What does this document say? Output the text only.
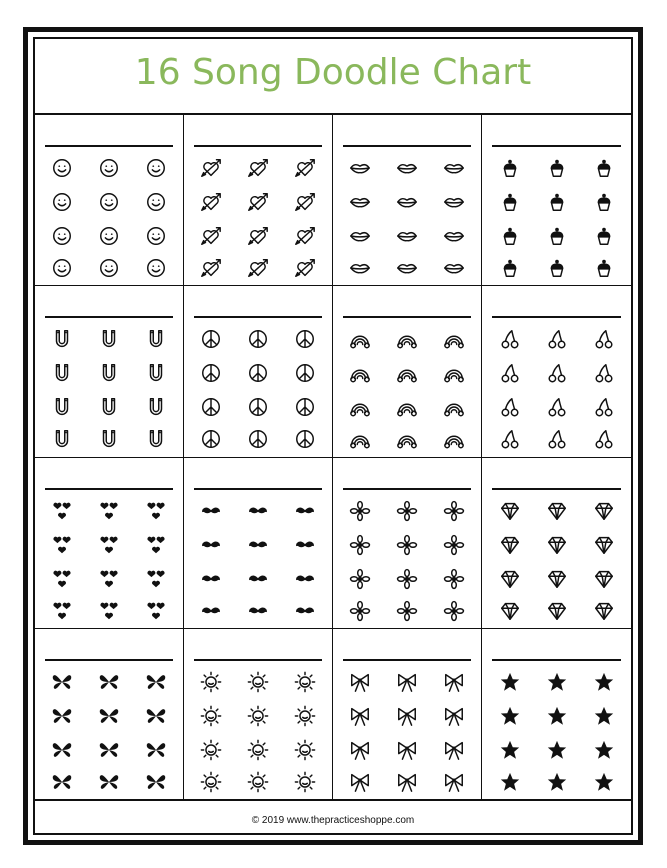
16 Song Doodle Chart
© 2019 www.thepracticeshoppe.com
